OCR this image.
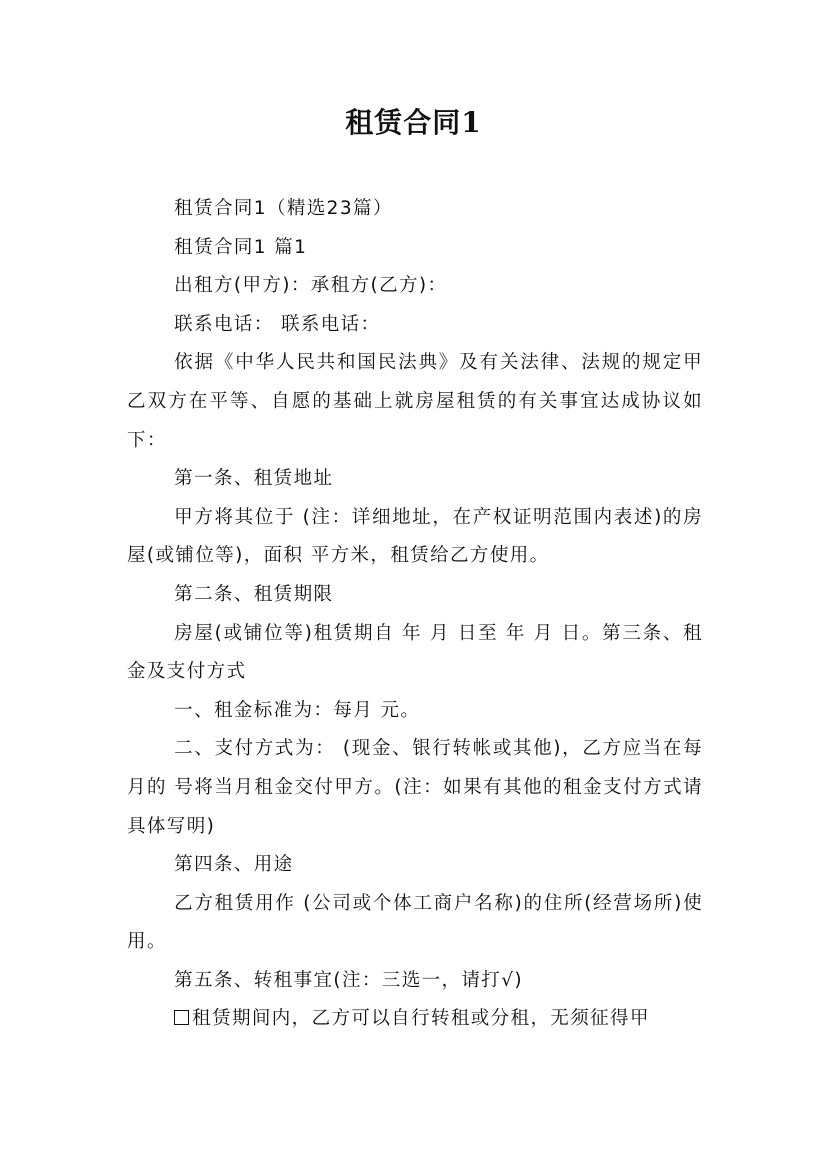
租赁合同1

租赁合同1（精选23篇）

租赁合同1 篇1

出租方(甲方)：承租方(乙方)：

联系电话： 联系电话：

依据《中华人民共和国民法典》及有关法律、法规的规定甲乙双方在平等、自愿的基础上就房屋租赁的有关事宜达成协议如下：

第一条、租赁地址

甲方将其位于 (注：详细地址，在产权证明范围内表述)的房屋(或铺位等)，面积 平方米，租赁给乙方使用。

第二条、租赁期限

房屋(或铺位等)租赁期自 年 月 日至 年 月 日。第三条、租金及支付方式

一、租金标准为：每月 元。

二、支付方式为： (现金、银行转帐或其他)，乙方应当在每月的 号将当月租金交付甲方。(注：如果有其他的租金支付方式请具体写明)

第四条、用途

乙方租赁用作 (公司或个体工商户名称)的住所(经营场所)使用。

第五条、转租事宜(注：三选一，请打√)

租赁期间内，乙方可以自行转租或分租，无须征得甲
